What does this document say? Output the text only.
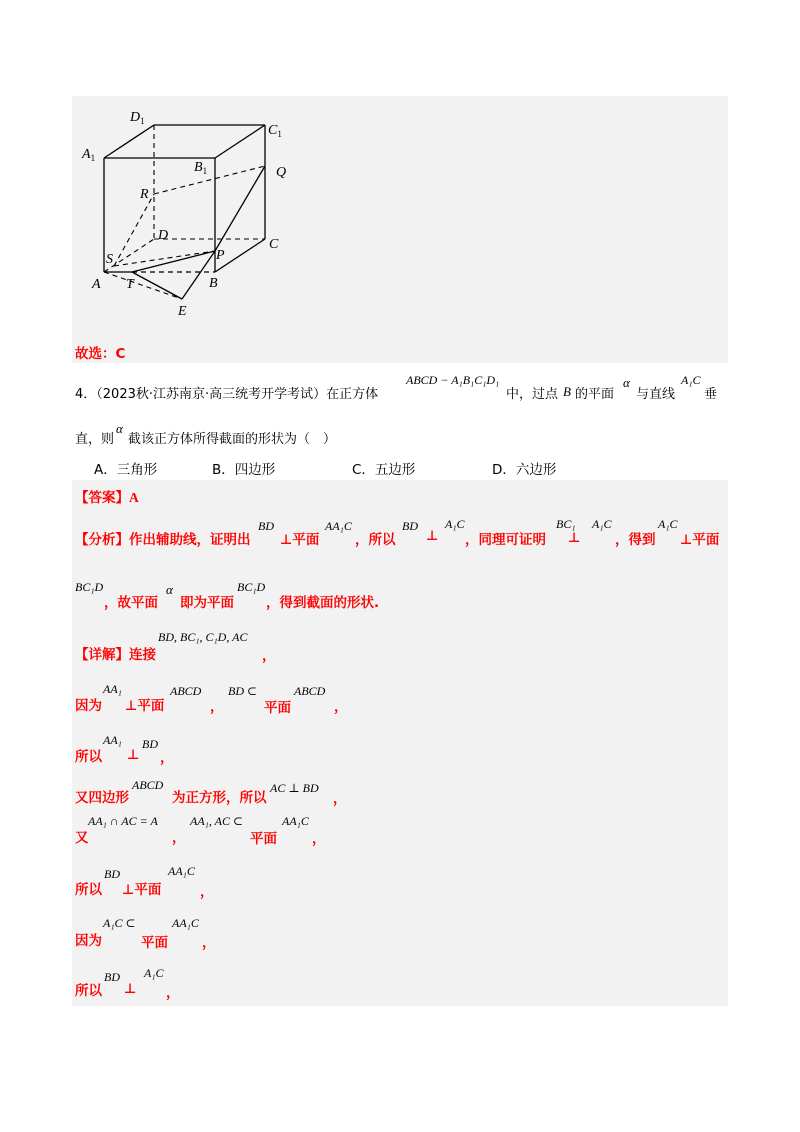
$D_1$
$C_1$
$A_1$
$B_1$	Q
R
D
C
S	P
A T	B
E
故选：C
4．（2023秋·江苏南京·高三统考开学考试）在正方体
ABCD − A₁B₁C₁D₁
中，过点 B 的平面
α
与直线
A₁C
垂
直，则
α
截该正方体所得截面的形状为（　）
A．三角形	B．四边形	C．五边形	D．六边形
【答案】A
【分析】作出辅助线，证明出
BD
⊥平面
AA₁C
，所以
BD
⊥
A₁C
，同理可证明
BC₁
⊥
A₁C
，得到
A₁C
⊥平面
BC₁D
，故平面
α
即为平面
BC₁D
，得到截面的形状.
【详解】连接
BD, BC₁, C₁D, AC
，
因为
AA₁
⊥平面
ABCD
，
BD ⊂
平面
ABCD
，
所以
AA₁
⊥
BD
，
又四边形
ABCD
为正方形，所以
AC ⊥ BD
，
又
AA₁ ∩ AC = A
，
AA₁, AC ⊂
平面
AA₁C
，
所以
BD
⊥平面
AA₁C
，
因为
A₁C ⊂
平面
AA₁C
，
所以
BD
⊥
A₁C
，
